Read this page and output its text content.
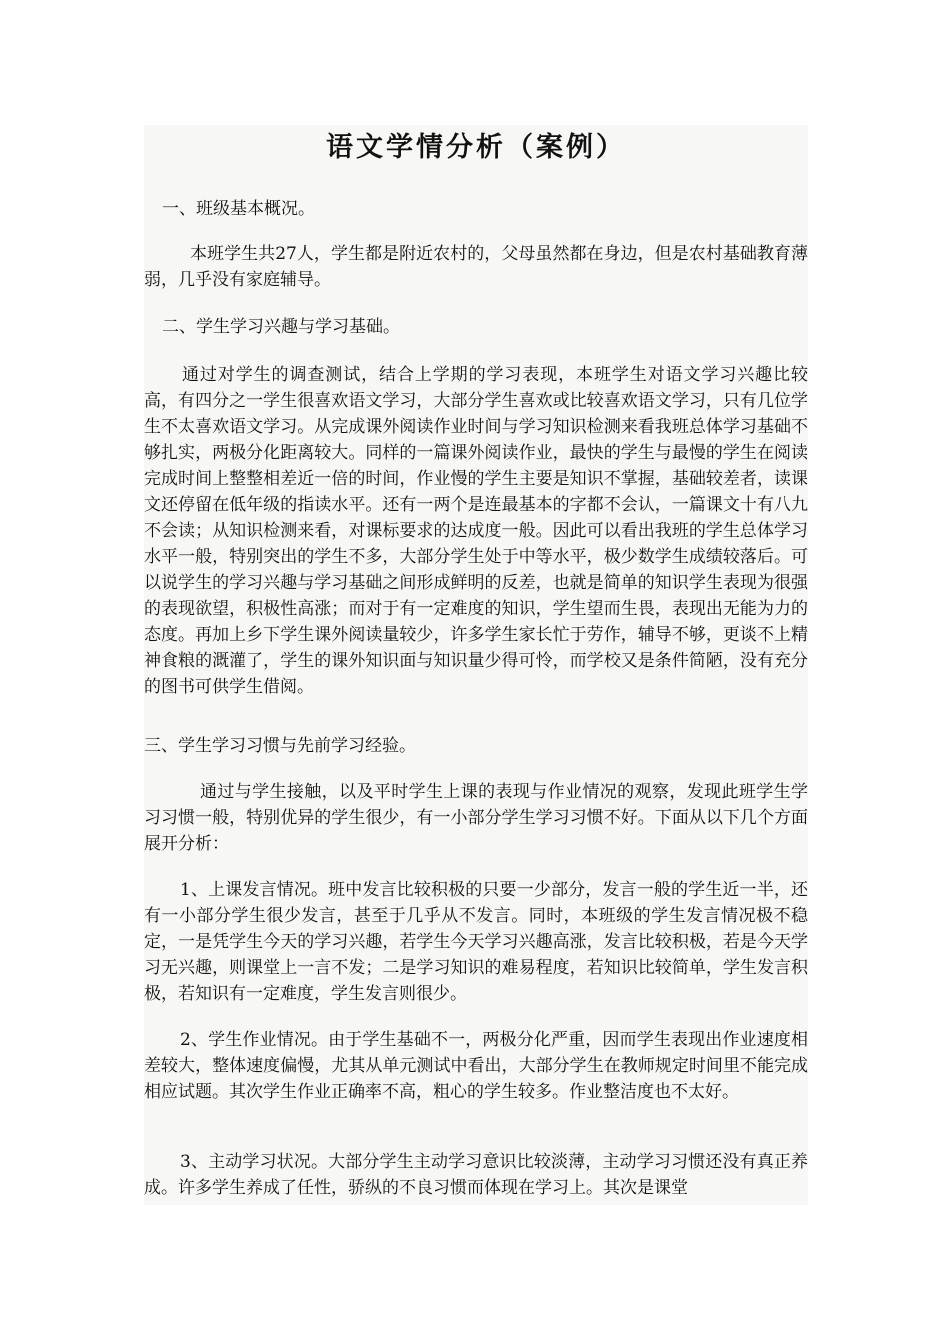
语文学情分析（案例）
一、班级基本概况。

本班学生共27人，学生都是附近农村的，父母虽然都在身边，但是农村基础教育薄弱，几乎没有家庭辅导。

二、学生学习兴趣与学习基础。

通过对学生的调查测试，结合上学期的学习表现，本班学生对语文学习兴趣比较高，有四分之一学生很喜欢语文学习，大部分学生喜欢或比较喜欢语文学习，只有几位学生不太喜欢语文学习。从完成课外阅读作业时间与学习知识检测来看我班总体学习基础不够扎实，两极分化距离较大。同样的一篇课外阅读作业，最快的学生与最慢的学生在阅读完成时间上整整相差近一倍的时间，作业慢的学生主要是知识不掌握，基础较差者，读课文还停留在低年级的指读水平。还有一两个是连最基本的字都不会认，一篇课文十有八九不会读；从知识检测来看，对课标要求的达成度一般。因此可以看出我班的学生总体学习水平一般，特别突出的学生不多，大部分学生处于中等水平，极少数学生成绩较落后。可以说学生的学习兴趣与学习基础之间形成鲜明的反差，也就是简单的知识学生表现为很强的表现欲望，积极性高涨；而对于有一定难度的知识，学生望而生畏，表现出无能为力的态度。再加上乡下学生课外阅读量较少，许多学生家长忙于劳作，辅导不够，更谈不上精神食粮的溉灌了，学生的课外知识面与知识量少得可怜，而学校又是条件简陋，没有充分的图书可供学生借阅。

三、学生学习习惯与先前学习经验。

通过与学生接触，以及平时学生上课的表现与作业情况的观察，发现此班学生学习习惯一般，特别优异的学生很少，有一小部分学生学习习惯不好。下面从以下几个方面展开分析：

1、上课发言情况。班中发言比较积极的只要一少部分，发言一般的学生近一半，还有一小部分学生很少发言，甚至于几乎从不发言。同时，本班级的学生发言情况极不稳定，一是凭学生今天的学习兴趣，若学生今天学习兴趣高涨，发言比较积极，若是今天学习无兴趣，则课堂上一言不发；二是学习知识的难易程度，若知识比较简单，学生发言积极，若知识有一定难度，学生发言则很少。

2、学生作业情况。由于学生基础不一，两极分化严重，因而学生表现出作业速度相差较大，整体速度偏慢，尤其从单元测试中看出，大部分学生在教师规定时间里不能完成相应试题。其次学生作业正确率不高，粗心的学生较多。作业整洁度也不太好。

3、主动学习状况。大部分学生主动学习意识比较淡薄，主动学习习惯还没有真正养成。许多学生养成了任性，骄纵的不良习惯而体现在学习上。其次是课堂
